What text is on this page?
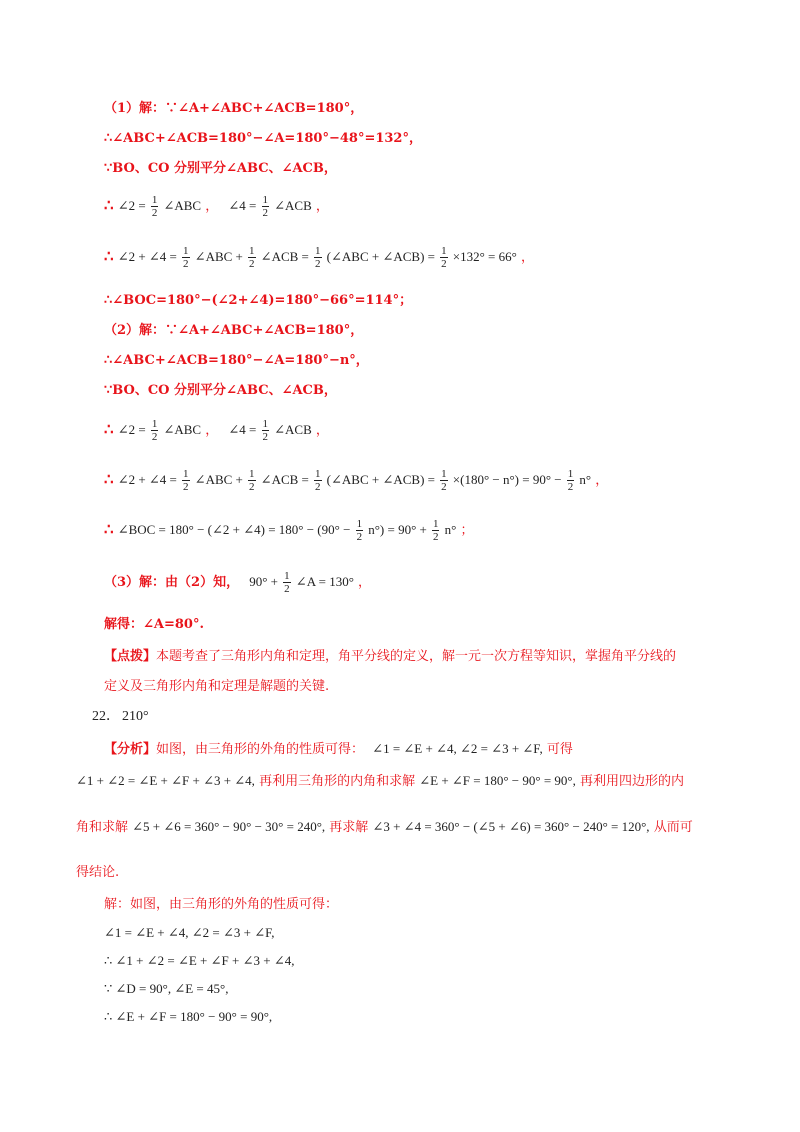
（1）解：∵∠A+∠ABC+∠ACB=180°，
∴∠ABC+∠ACB=180°−∠A=180°−48°=132°，
∵BO、CO 分别平分∠ABC、∠ACB，
∴ ∠2 = $\frac{1}{2}$ ∠ABC ， ∠4 = $\frac{1}{2}$ ∠ACB ，
∴ ∠2 + ∠4 = $\frac{1}{2}$ ∠ABC + $\frac{1}{2}$ ∠ACB = $\frac{1}{2}$ (∠ABC + ∠ACB) = $\frac{1}{2} \times 132^\circ = 66^\circ$ ，
∴∠BOC=180°−(∠2+∠4)=180°−66°=114°；
（2）解：∵∠A+∠ABC+∠ACB=180°，
∴∠ABC+∠ACB=180°−∠A=180°−n°，
∵BO、CO 分别平分∠ABC、∠ACB，
∴ ∠2 = $\frac{1}{2}$ ∠ABC ， ∠4 = $\frac{1}{2}$ ∠ACB ，
∴ ∠2 + ∠4 = $\frac{1}{2}$ ∠ABC + $\frac{1}{2}$ ∠ACB = $\frac{1}{2}$ (∠ABC + ∠ACB) = $\frac{1}{2} \times(180^\circ - n^\circ) = 90^\circ - \frac{1}{2} n^\circ$ ，
∴ ∠BOC = 180° − (∠2 + ∠4) = $180^\circ - (90^\circ - \frac{1}{2} n^\circ) = 90^\circ + \frac{1}{2} n^\circ$ ；
（3）解：由（2）知， $90^\circ + \frac{1}{2}$ ∠A = 130° ，
解得：∠A=80°.
【点拨】本题考查了三角形内角和定理，角平分线的定义，解一元一次方程等知识，掌握角平分线的
定义及三角形内角和定理是解题的关键.
22． 210°
【分析】如图，由三角形的外角的性质可得： ∠1 = ∠E + ∠4, ∠2 = ∠3 + ∠F, 可得
∠1 + ∠2 = ∠E + ∠F + ∠3 + ∠4, 再利用三角形的内角和求解 ∠E + ∠F = 180° − 90° = 90°, 再利用四边形的内
角和求解 ∠5 + ∠6 = 360° − 90° − 30° = 240°, 再求解 ∠3 + ∠4 = 360° − (∠5 + ∠6) = 360° − 240° = 120°, 从而可
得结论.
解：如图，由三角形的外角的性质可得：
∠1 = ∠E + ∠4, ∠2 = ∠3 + ∠F,
∴ ∠1 + ∠2 = ∠E + ∠F + ∠3 + ∠4,
∵ ∠D = 90°, ∠E = 45°,
∴ ∠E + ∠F = 180° − 90° = 90°,
